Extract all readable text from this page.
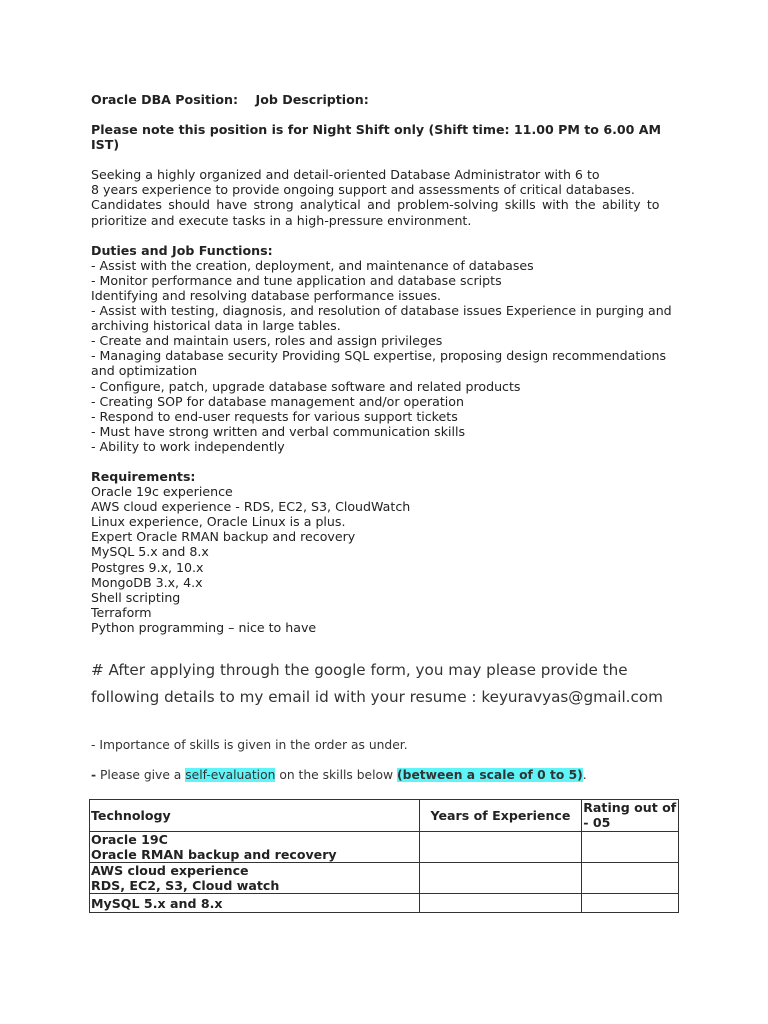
Oracle DBA Position: Job Description:
Please note this position is for Night Shift only (Shift time: 11.00 PM to 6.00 AM
IST)
Seeking a highly organized and detail-oriented Database Administrator with 6 to
8 years experience to provide ongoing support and assessments of critical databases.
Candidates should have strong analytical and problem-solving skills with the ability to
prioritize and execute tasks in a high-pressure environment.
Duties and Job Functions:
- Assist with the creation, deployment, and maintenance of databases
- Monitor performance and tune application and database scripts
Identifying and resolving database performance issues.
- Assist with testing, diagnosis, and resolution of database issues Experience in purging and
archiving historical data in large tables.
- Create and maintain users, roles and assign privileges
- Managing database security Providing SQL expertise, proposing design recommendations
and optimization
- Configure, patch, upgrade database software and related products
- Creating SOP for database management and/or operation
- Respond to end-user requests for various support tickets
- Must have strong written and verbal communication skills
- Ability to work independently
Requirements:
Oracle 19c experience
AWS cloud experience - RDS, EC2, S3, CloudWatch
Linux experience, Oracle Linux is a plus.
Expert Oracle RMAN backup and recovery
MySQL 5.x and 8.x
Postgres 9.x, 10.x
MongoDB 3.x, 4.x
Shell scripting
Terraform
Python programming – nice to have
# After applying through the google form, you may please provide the
following details to my email id with your resume : keyuravyas@gmail.com
- Importance of skills is given in the order as under.
- Please give a self-evaluation on the skills below (between a scale of 0 to 5).
Technology	Years of Experience	Rating out of - 05

Oracle 19C
Oracle RMAN backup and recovery		

AWS cloud experience
RDS, EC2, S3, Cloud watch		

MySQL 5.x and 8.x		
